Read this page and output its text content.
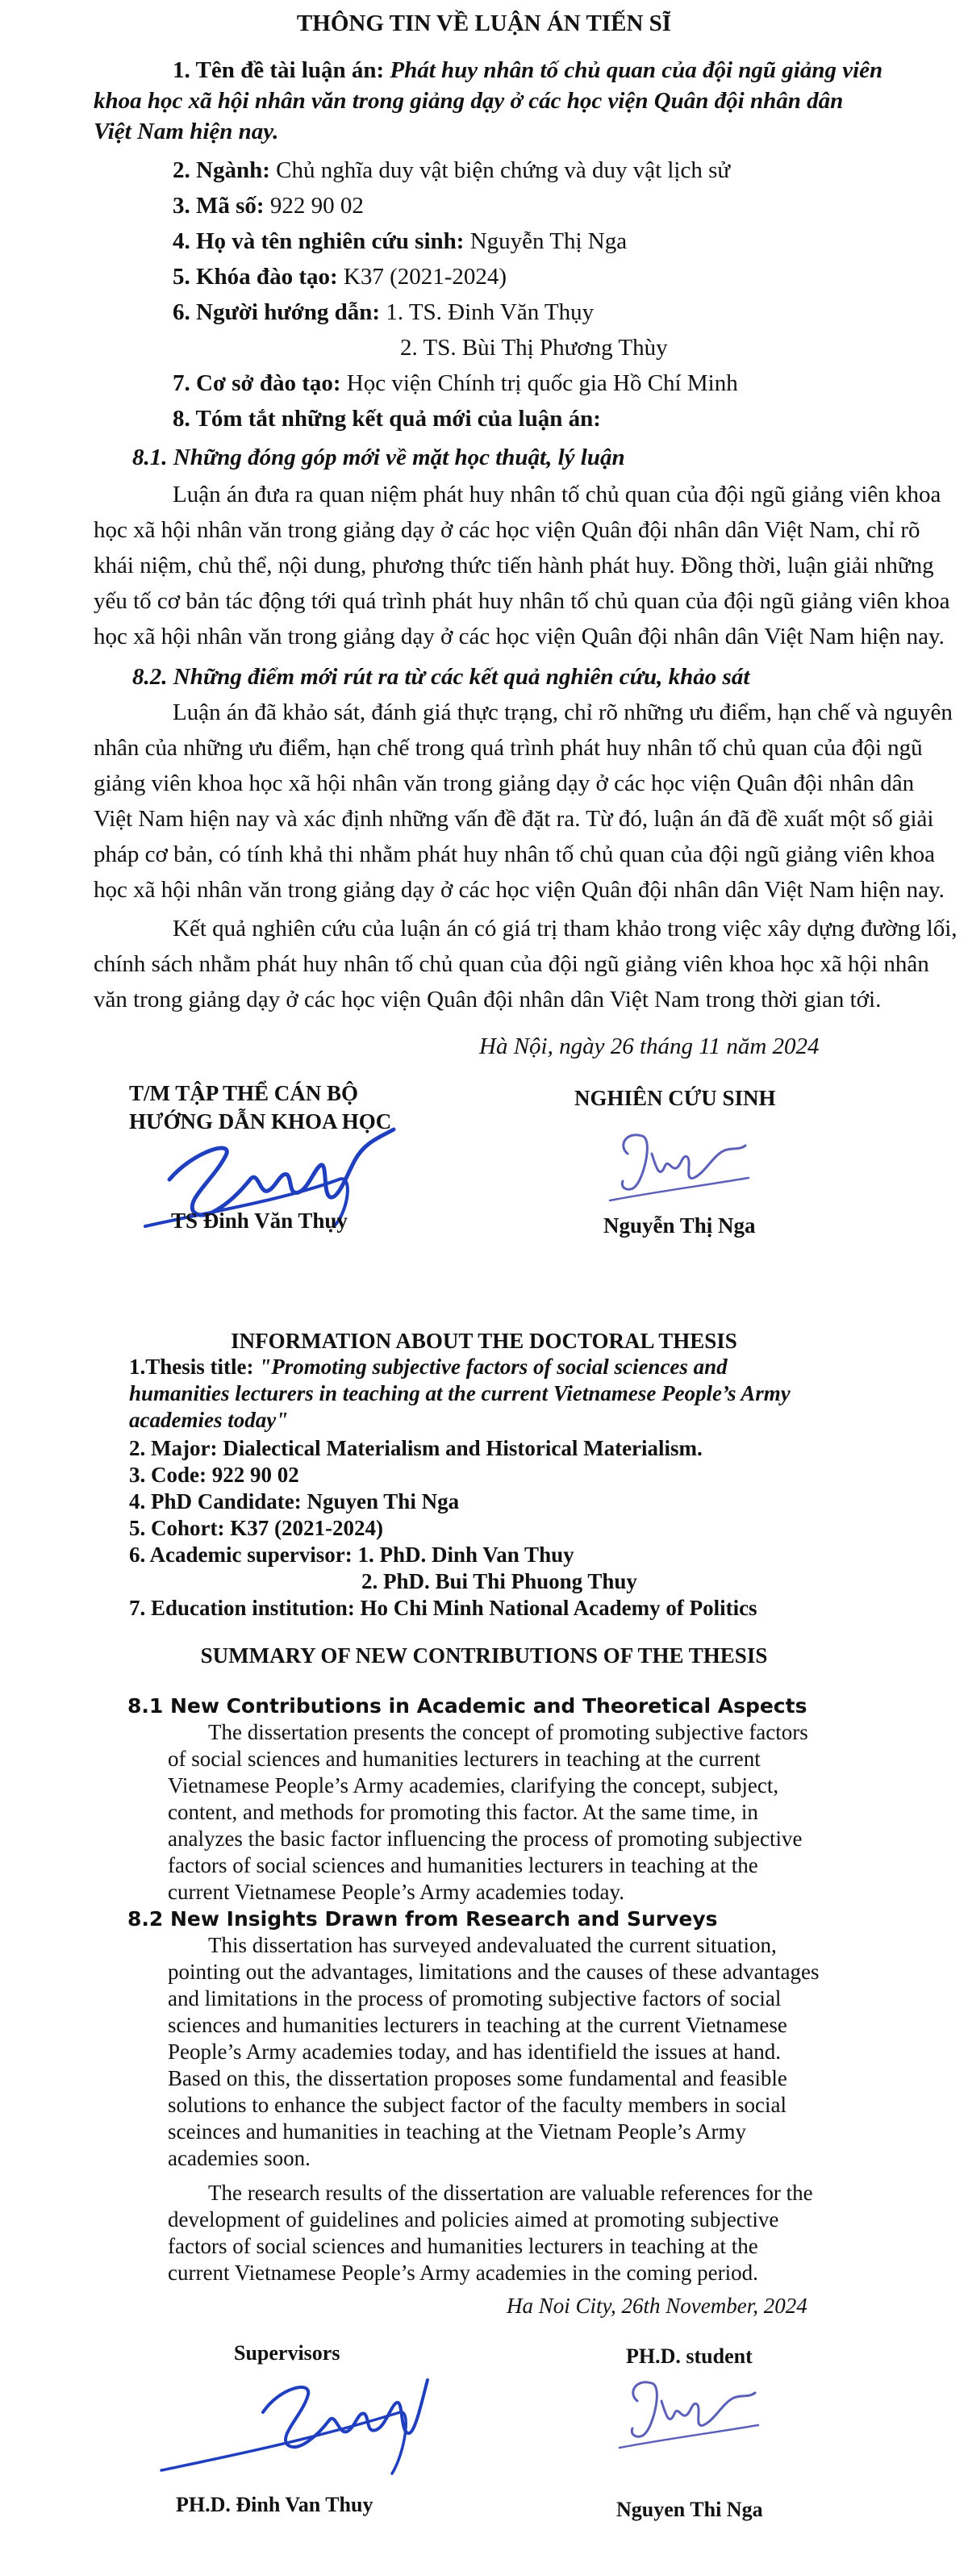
THÔNG TIN VỀ LUẬN ÁN TIẾN SĨ
1. Tên đề tài luận án: Phát huy nhân tố chủ quan của đội ngũ giảng viên
khoa học xã hội nhân văn trong giảng dạy ở các học viện Quân đội nhân dân
Việt Nam hiện nay.
2. Ngành: Chủ nghĩa duy vật biện chứng và duy vật lịch sử
3. Mã số: 922 90 02
4. Họ và tên nghiên cứu sinh: Nguyễn Thị Nga
5. Khóa đào tạo: K37 (2021-2024)
6. Người hướng dẫn: 1. TS. Đinh Văn Thụy
2. TS. Bùi Thị Phương Thùy
7. Cơ sở đào tạo: Học viện Chính trị quốc gia Hồ Chí Minh
8. Tóm tắt những kết quả mới của luận án:
8.1. Những đóng góp mới về mặt học thuật, lý luận
Luận án đưa ra quan niệm phát huy nhân tố chủ quan của đội ngũ giảng viên khoa
học xã hội nhân văn trong giảng dạy ở các học viện Quân đội nhân dân Việt Nam, chỉ rõ
khái niệm, chủ thể, nội dung, phương thức tiến hành phát huy. Đồng thời, luận giải những
yếu tố cơ bản tác động tới quá trình phát huy nhân tố chủ quan của đội ngũ giảng viên khoa
học xã hội nhân văn trong giảng dạy ở các học viện Quân đội nhân dân Việt Nam hiện nay.
8.2. Những điểm mới rút ra từ các kết quả nghiên cứu, khảo sát
Luận án đã khảo sát, đánh giá thực trạng, chỉ rõ những ưu điểm, hạn chế và nguyên
nhân của những ưu điểm, hạn chế trong quá trình phát huy nhân tố chủ quan của đội ngũ
giảng viên khoa học xã hội nhân văn trong giảng dạy ở các học viện Quân đội nhân dân
Việt Nam hiện nay và xác định những vấn đề đặt ra. Từ đó, luận án đã đề xuất một số giải
pháp cơ bản, có tính khả thi nhằm phát huy nhân tố chủ quan của đội ngũ giảng viên khoa
học xã hội nhân văn trong giảng dạy ở các học viện Quân đội nhân dân Việt Nam hiện nay.
Kết quả nghiên cứu của luận án có giá trị tham khảo trong việc xây dựng đường lối,
chính sách nhằm phát huy nhân tố chủ quan của đội ngũ giảng viên khoa học xã hội nhân
văn trong giảng dạy ở các học viện Quân đội nhân dân Việt Nam trong thời gian tới.
Hà Nội, ngày 26 tháng 11 năm 2024
T/M TẬP THỂ CÁN BỘ
HƯỚNG DẪN KHOA HỌC
NGHIÊN CỨU SINH
TS Đinh Văn Thụy	Nguyễn Thị Nga
INFORMATION ABOUT THE DOCTORAL THESIS
1.Thesis title: "Promoting subjective factors of social sciences and
humanities lecturers in teaching at the current Vietnamese People’s Army
academies today"
2. Major: Dialectical Materialism and Historical Materialism.
3. Code: 922 90 02
4. PhD Candidate: Nguyen Thi Nga
5. Cohort: K37 (2021-2024)
6. Academic supervisor: 1. PhD. Dinh Van Thuy
2. PhD. Bui Thi Phuong Thuy
7. Education institution: Ho Chi Minh National Academy of Politics
SUMMARY OF NEW CONTRIBUTIONS OF THE THESIS
8.1 New Contributions in Academic and Theoretical Aspects
The dissertation presents the concept of promoting subjective factors
of social sciences and humanities lecturers in teaching at the current
Vietnamese People’s Army academies, clarifying the concept, subject,
content, and methods for promoting this factor. At the same time, in
analyzes the basic factor influencing the process of promoting subjective
factors of social sciences and humanities lecturers in teaching at the
current Vietnamese People’s Army academies today.
8.2 New Insights Drawn from Research and Surveys
This dissertation has surveyed andevaluated the current situation,
pointing out the advantages, limitations and the causes of these advantages
and limitations in the process of promoting subjective factors of social
sciences and humanities lecturers in teaching at the current Vietnamese
People’s Army academies today, and has identifield the issues at hand.
Based on this, the dissertation proposes some fundamental and feasible
solutions to enhance the subject factor of the faculty members in social
sceinces and humanities in teaching at the Vietnam People’s Army
academies soon.
The research results of the dissertation are valuable references for the
development of guidelines and policies aimed at promoting subjective
factors of social sciences and humanities lecturers in teaching at the
current Vietnamese People’s Army academies in the coming period.
Ha Noi City, 26th November, 2024
Supervisors	PH.D. student
PH.D. Đinh Van Thuy	Nguyen Thi Nga
